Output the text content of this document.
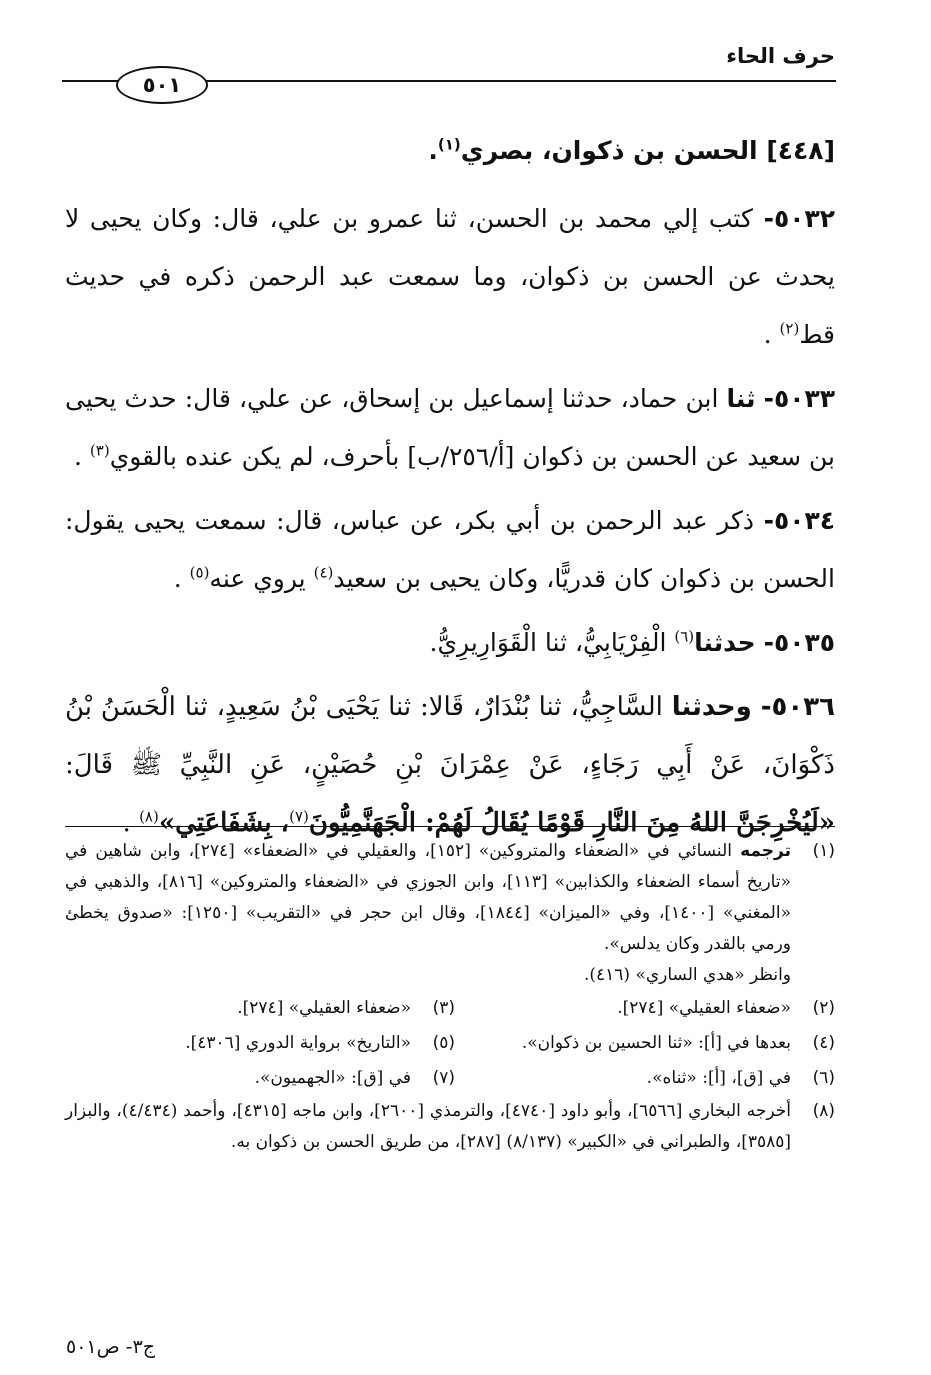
حرف الحاء
٥٠١
[٤٤٨] الحسن بن ذكوان، بصري$^{(١)}$.
٥٠٣٢- كتب إلي محمد بن الحسن، ثنا عمرو بن علي، قال: وكان يحيى لا يحدث عن الحسن بن ذكوان، وما سمعت عبد الرحمن ذكره في حديث قط$^{(٢)}$ .
٥٠٣٣- ثنا ابن حماد، حدثنا إسماعيل بن إسحاق، عن علي، قال: حدث يحيى بن سعيد عن الحسن بن ذكوان [أ/٢٥٦/ب] بأحرف، لم يكن عنده بالقوي$^{(٣)}$ .
٥٠٣٤- ذكر عبد الرحمن بن أبي بكر، عن عباس، قال: سمعت يحيى يقول: الحسن بن ذكوان كان قدريًّا، وكان يحيى بن سعيد$^{(٤)}$ يروي عنه$^{(٥)}$ .
٥٠٣٥- حدثنا$^{(٦)}$ الْفِرْيَابِيُّ، ثنا الْقَوَارِيرِيُّ.
٥٠٣٦- وحدثنا السَّاجِيُّ، ثنا بُنْدَارٌ، قَالا: ثنا يَحْيَى بْنُ سَعِيدٍ، ثنا الْحَسَنُ بْنُ ذَكْوَانَ، عَنْ أَبِي رَجَاءٍ، عَنْ عِمْرَانَ بْنِ حُصَيْنٍ، عَنِ النَّبِيِّ ﷺ قَالَ: «لَيُخْرِجَنَّ اللهُ مِنَ النَّارِ قَوْمًا يُقَالُ لَهُمْ: الْجَهَنَّمِيُّونَ$^{(٧)}$، بِشَفَاعَتِي»$^{(٨)}$ .
(١)
ترجمه النسائي في «الضعفاء والمتروكين» [١٥٢]، والعقيلي في «الضعفاء» [٢٧٤]، وابن شاهين في «تاريخ أسماء الضعفاء والكذابين» [١١٣]، وابن الجوزي في «الضعفاء والمتروكين» [٨١٦]، والذهبي في «المغني» [١٤٠٠]، وفي «الميزان» [١٨٤٤]، وقال ابن حجر في «التقريب» [١٢٥٠]: «صدوق يخطئ ورمي بالقدر وكان يدلس».
وانظر «هدي الساري» (٤١٦).
(٢)
«ضعفاء العقيلي» [٢٧٤].
(٣)
«ضعفاء العقيلي» [٢٧٤].
(٤)
بعدها في [أ]: «ثنا الحسين بن ذكوان».
(٥)
«التاريخ» برواية الدوري [٤٣٠٦].
(٦)
في [ق]، [أ]: «ثناه».
(٧)
في [ق]: «الجهميون».
(٨)
أخرجه البخاري [٦٥٦٦]، وأبو داود [٤٧٤٠]، والترمذي [٢٦٠٠]، وابن ماجه [٤٣١٥]، وأحمد (٤/٤٣٤)، والبزار [٣٥٨٥]، والطبراني في «الكبير» (٨/١٣٧) [٢٨٧]، من طريق الحسن بن ذكوان به.
ج٣- ص٥٠١
